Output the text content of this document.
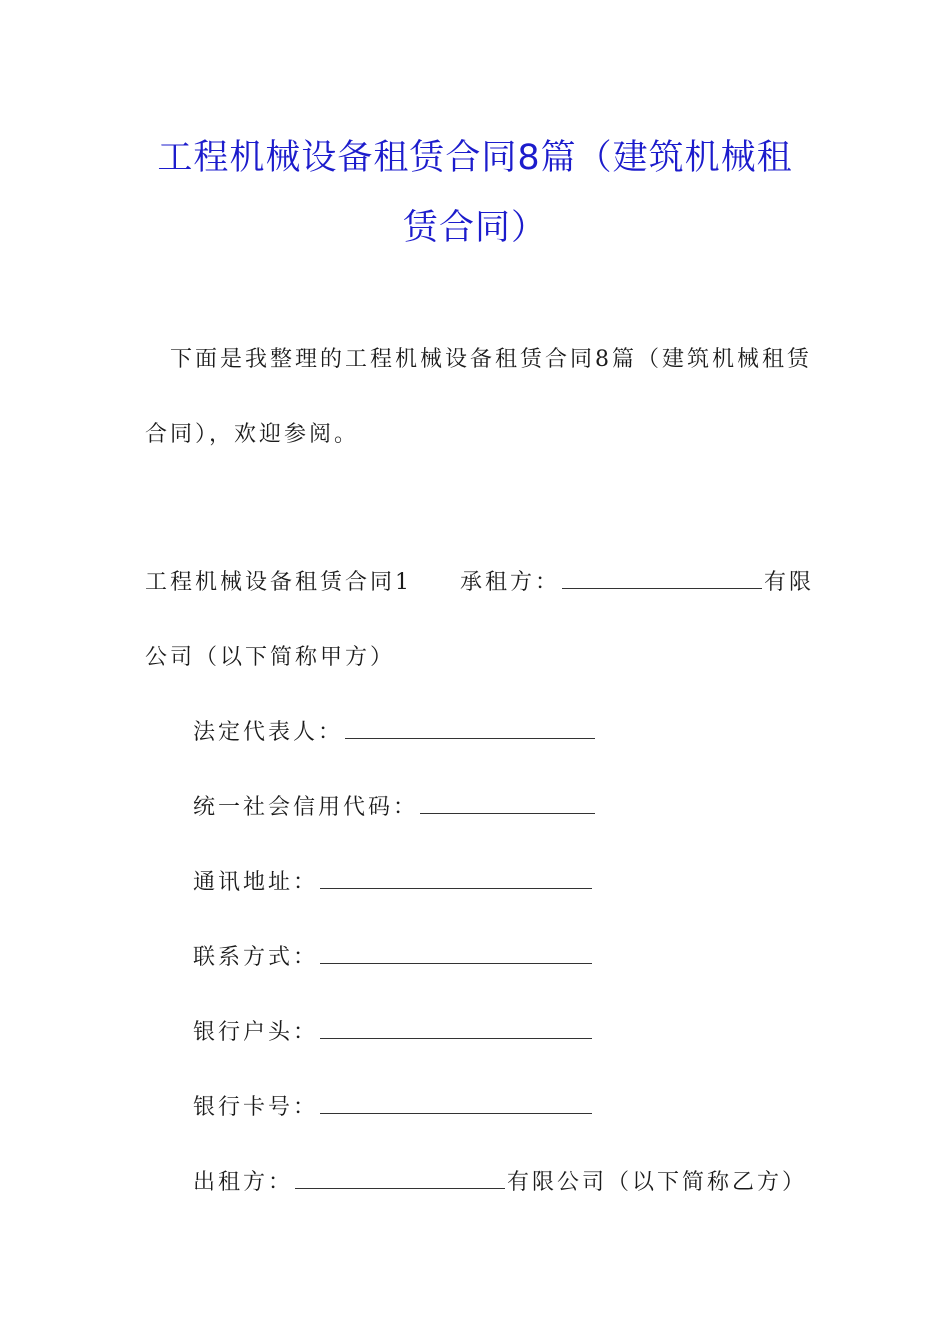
工程机械设备租赁合同8篇（建筑机械租
赁合同）
下面是我整理的工程机械设备租赁合同8篇（建筑机械租赁
合同），欢迎参阅。
工程机械设备租赁合同1 承租方：	有限
公司（以下简称甲方）
法定代表人：
统一社会信用代码：
通讯地址：
联系方式：
银行户头：
银行卡号：
出租方：	有限公司（以下简称乙方）
